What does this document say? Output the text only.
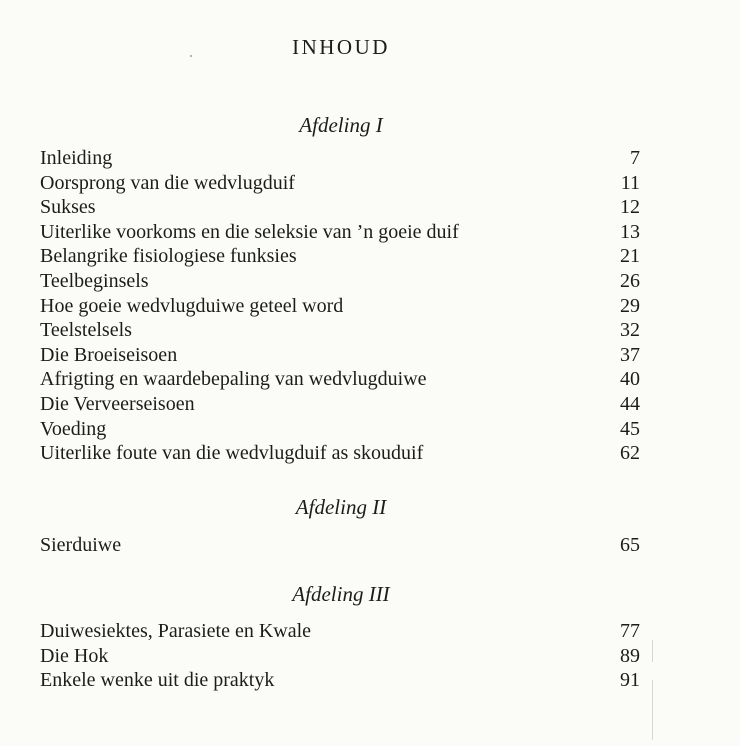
INHOUD
Afdeling I
Inleiding	7
Oorsprong van die wedvlugduif	11
Sukses	12
Uiterlike voorkoms en die seleksie van ’n goeie duif	13
Belangrike fisiologiese funksies	21
Teelbeginsels	26
Hoe goeie wedvlugduiwe geteel word	29
Teelstelsels	32
Die Broeiseisoen	37
Afrigting en waardebepaling van wedvlugduiwe	40
Die Verveerseisoen	44
Voeding	45
Uiterlike foute van die wedvlugduif as skouduif	62
Afdeling II
Sierduiwe	65
Afdeling III
Duiwesiektes, Parasiete en Kwale	77
Die Hok	89
Enkele wenke uit die praktyk	91
